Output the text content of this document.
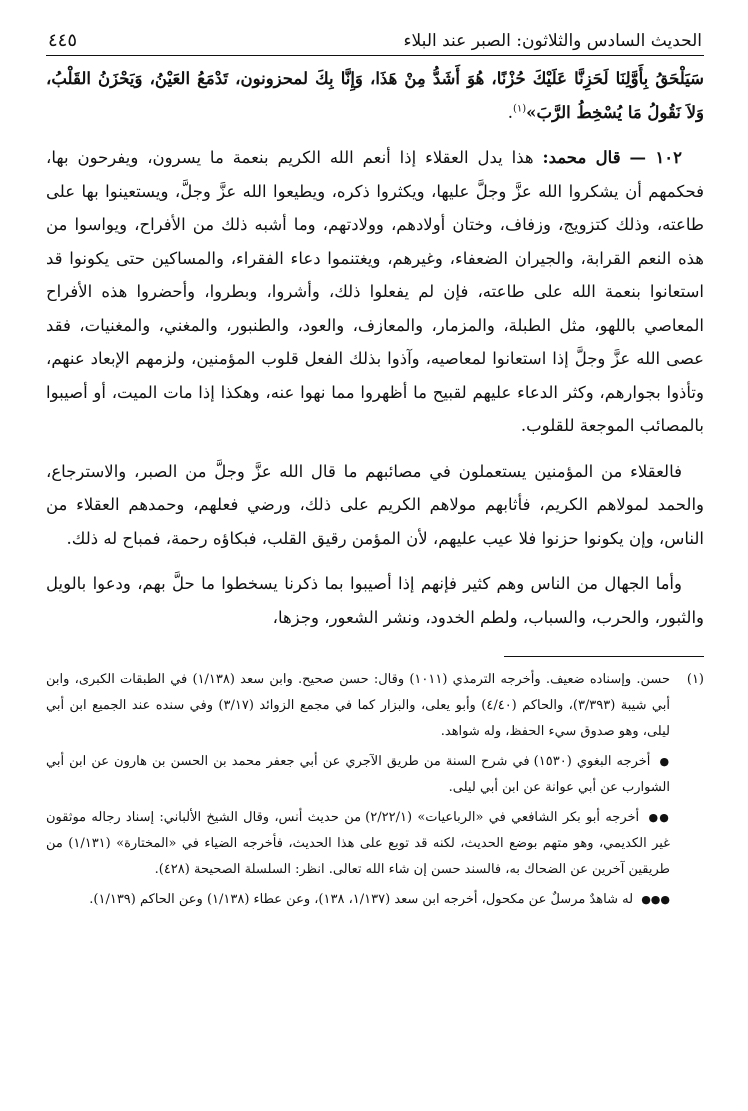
الحديث السادس والثلاثون: الصبر عند البلاء
٤٤٥

سَيَلْحَقُ بِأَوَّلِنَا لَحَزِنَّا عَلَيْكَ حُزْنًا، هُوَ أَشَدُّ مِنْ هَذَا، وَإِنَّا بِكَ لمحزونون، تَدْمَعُ العَيْنُ، وَيَحْزَنُ القَلْبُ، وَلاَ نَقُولُ مَا يُسْخِطُ الرَّبَ»$^{(١)}$.

١٠٢ — قال محمد: هذا يدل العقلاء إذا أنعم الله الكريم بنعمة ما يسرون، ويفرحون بها، فحكمهم أن يشكروا الله عزَّ وجلَّ عليها، ويكثروا ذكره، ويطيعوا الله عزَّ وجلَّ، ويستعينوا بها على طاعته، وذلك كتزويج، وزفاف، وختان أولادهم، وولادتهم، وما أشبه ذلك من الأفراح، ويواسوا من هذه النعم القرابة، والجيران الضعفاء، وغيرهم، ويغتنموا دعاء الفقراء، والمساكين حتى يكونوا قد استعانوا بنعمة الله على طاعته، فإن لم يفعلوا ذلك، وأشروا، وبطروا، وأحضروا هذه الأفراح المعاصي باللهو، مثل الطبلة، والمزمار، والمعازف، والعود، والطنبور، والمغني، والمغنيات، فقد عصى الله عزَّ وجلَّ إذا استعانوا لمعاصيه، وآذوا بذلك الفعل قلوب المؤمنين، ولزمهم الإبعاد عنهم، وتأذوا بجوارهم، وكثر الدعاء عليهم لقبيح ما أظهروا مما نهوا عنه، وهكذا إذا مات الميت، أو أصيبوا بالمصائب الموجعة للقلوب.

فالعقلاء من المؤمنين يستعملون في مصائبهم ما قال الله عزَّ وجلَّ من الصبر، والاسترجاع، والحمد لمولاهم الكريم، فأثابهم مولاهم الكريم على ذلك، ورضي فعلهم، وحمدهم العقلاء من الناس، وإن يكونوا حزنوا فلا عيب عليهم، لأن المؤمن رقيق القلب، فبكاؤه رحمة، فمباح له ذلك.

وأما الجهال من الناس وهم كثير فإنهم إذا أصيبوا بما ذكرنا يسخطوا ما حلَّ بهم، ودعوا بالويل والثبور، والحرب، والسباب، ولطم الخدود، ونشر الشعور، وجزها،

(١)
حسن. وإسناده ضعيف. وأخرجه الترمذي (١٠١١) وقال: حسن صحيح. وابن سعد (١/١٣٨) في الطبقات الكبرى، وابن أبي شيبة (٣/٣٩٣)، والحاكم (٤/٤٠) وأبو يعلى، والبزار كما في مجمع الزوائد (٣/١٧) وفي سنده عند الجميع ابن أبي ليلى، وهو صدوق سيء الحفظ، وله شواهد.
● أخرجه البغوي (١٥٣٠) في شرح السنة من طريق الآجري عن أبي جعفر محمد بن الحسن بن هارون عن ابن أبي الشوارب عن أبي عوانة عن ابن أبي ليلى.
●● أخرجه أبو بكر الشافعي في «الرباعيات» (٢/٢٢/١) من حديث أنس، وقال الشيخ الألباني: إسناد رجاله موثقون غير الكديمي، وهو متهم بوضع الحديث، لكنه قد توبع على هذا الحديث، فأخرجه الضياء في «المختارة» (١/١٣١) من طريقين آخرين عن الضحاك به، فالسند حسن إن شاء الله تعالى. انظر: السلسلة الصحيحة (٤٢٨).
●●● له شاهدٌ مرسلٌ عن مكحول، أخرجه ابن سعد (١/١٣٧، ١٣٨)، وعن عطاء (١/١٣٨) وعن الحاكم (١/١٣٩).
